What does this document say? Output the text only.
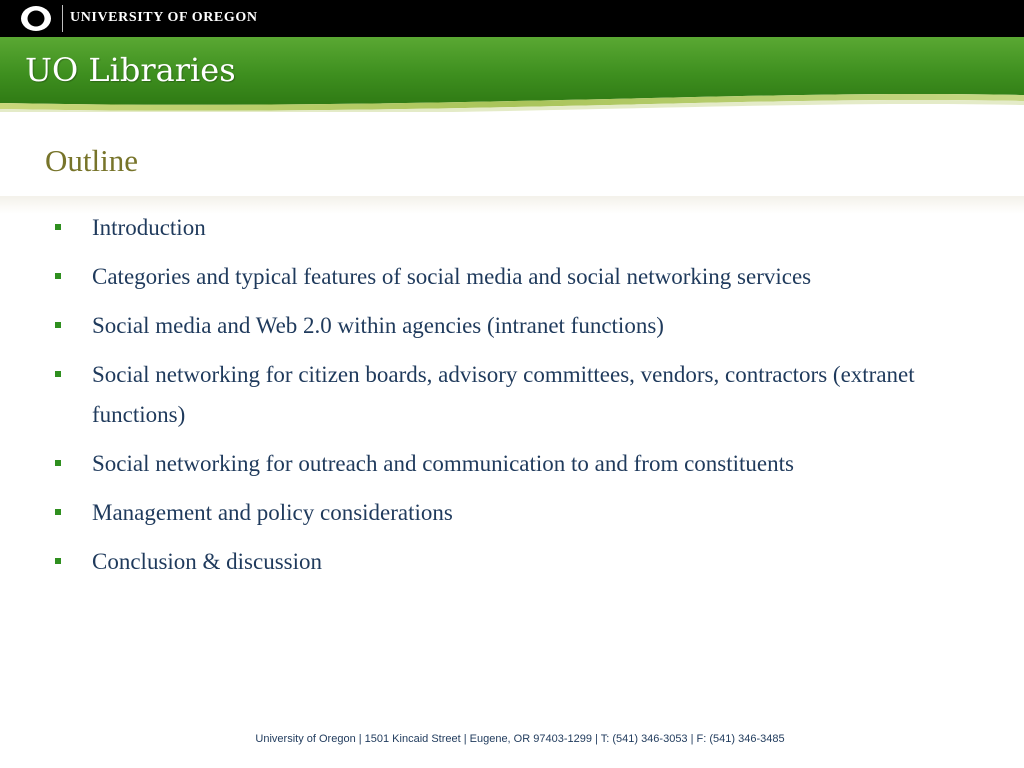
UNIVERSITY OF OREGON
UO Libraries
Outline
Introduction
Categories and typical features of social media and social networking services
Social media and Web 2.0 within agencies (intranet functions)
Social networking for citizen boards, advisory committees, vendors, contractors (extranet functions)
Social networking for outreach and communication to and from constituents
Management and policy considerations
Conclusion & discussion
University of Oregon | 1501 Kincaid Street | Eugene, OR 97403-1299 | T: (541) 346-3053 | F: (541) 346-3485
